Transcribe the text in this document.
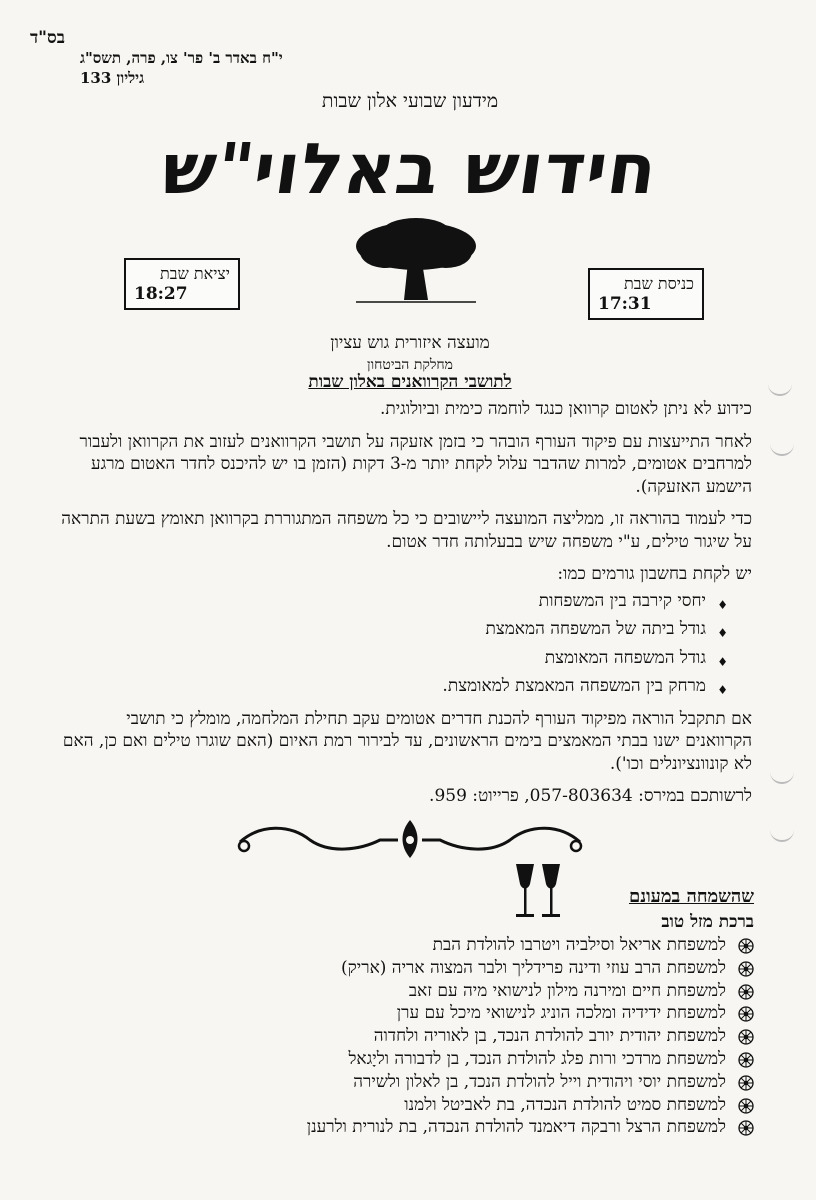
בס"ד
י"ח באדר ב' פר' צו, פרה, תשס"ג
גיליון 133
מידעון שבועי אלון שבות
חידוש באלוי"ש
יציאת שבת
18:27
כניסת שבת
17:31
מועצה איזורית גוש עציון
מחלקת הביטחון
לתושבי הקרוואנים באלון שבות

כידוע לא ניתן לאטום קרוואן כנגד לוחמה כימית וביולוגית.

לאחר התייעצות עם פיקוד העורף הובהר כי בזמן אזעקה על תושבי הקרוואנים לעזוב את הקרוואן ולעבור למרחבים אטומים, למרות שהדבר עלול לקחת יותר מ-3 דקות (הזמן בו יש להיכנס לחדר האטום מרגע הישמע האזעקה).

כדי לעמוד בהוראה זו, ממליצה המועצה ליישובים כי כל משפחה המתגוררת בקרוואן תאומץ בשעת התראה על שיגור טילים, ע"י משפחה שיש בבעלותה חדר אטום.

יש לקחת בחשבון גורמים כמו:

♦ יחסי קירבה בין המשפחות
♦ גודל ביתה של המשפחה המאמצת
♦ גודל המשפחה המאומצת
♦ מרחק בין המשפחה המאמצת למאומצת.

אם תתקבל הוראה מפיקוד העורף להכנת חדרים אטומים עקב תחילת המלחמה, מומלץ כי תושבי הקרוואנים ישנו בבתי המאמצים בימים הראשונים, עד לבירור רמת האיום (האם שוגרו טילים ואם כן, האם לא קונוונציונלים וכו').

לרשותכם במירס: 057-803634, פרייוט: 959.

שהשמחה במעונם
ברכת מזל טוב
למשפחת אריאל וסילביה ויטרבו להולדת הבת
למשפחת הרב עוזי ודינה פרידליך ולבר המצוה אריה (אריק)
למשפחת חיים ומירנה מילון לנישואי מיה עם זאב
למשפחת ידידיה ומלכה הוניג לנישואי מיכל עם ערן
למשפחת יהודית יורב להולדת הנכד, בן לאוריה ולחדוה
למשפחת מרדכי ורות פלג להולדת הנכד, בן לדבורה וליָגאל
למשפחת יוסי ויהודית וייל להולדת הנכד, בן לאלון ולשירה
למשפחת סמיט להולדת הנכדה, בת לאביטל ולמנו
למשפחת הרצל ורבקה דיאמנד להולדת הנכדה, בת לנורית ולרענן
